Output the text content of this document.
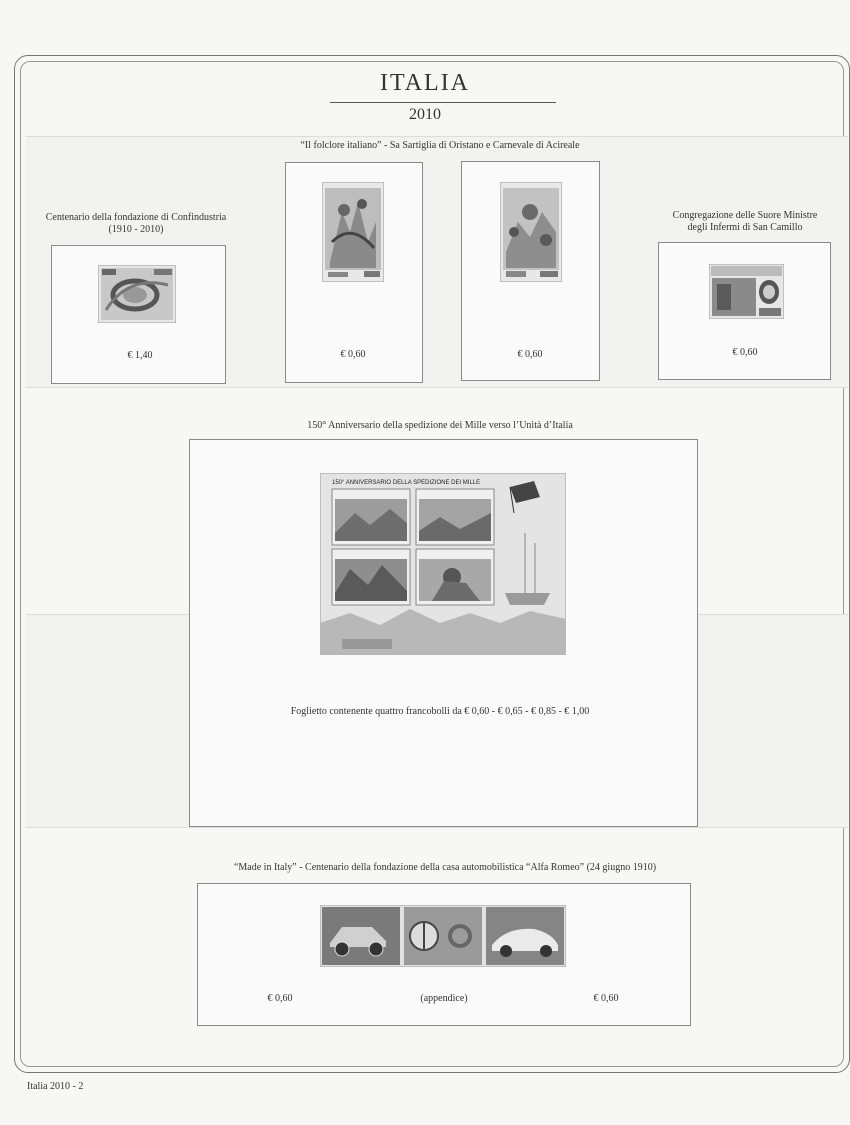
ITALIA
2010
“Il folclore italiano” - Sa Sartiglia di Oristano e Carnevale di Acireale
Centenario della fondazione di Confindustria
(1910 - 2010)
Congregazione delle Suore Ministre
degli Infermi di San Camillo
€ 1,40	€ 0,60	€ 0,60	€ 0,60
150° Anniversario della spedizione dei Mille verso l’Unità d’Italia
150° ANNIVERSARIO DELLA SPEDIZIONE DEI MILLE
Foglietto contenente quattro francobolli da € 0,60 - € 0,65 - € 0,85 - € 1,00
“Made in Italy” - Centenario della fondazione della casa automobilistica “Alfa Romeo” (24 giugno 1910)
€ 0,60	(appendice)	€ 0,60
Italia 2010 - 2
